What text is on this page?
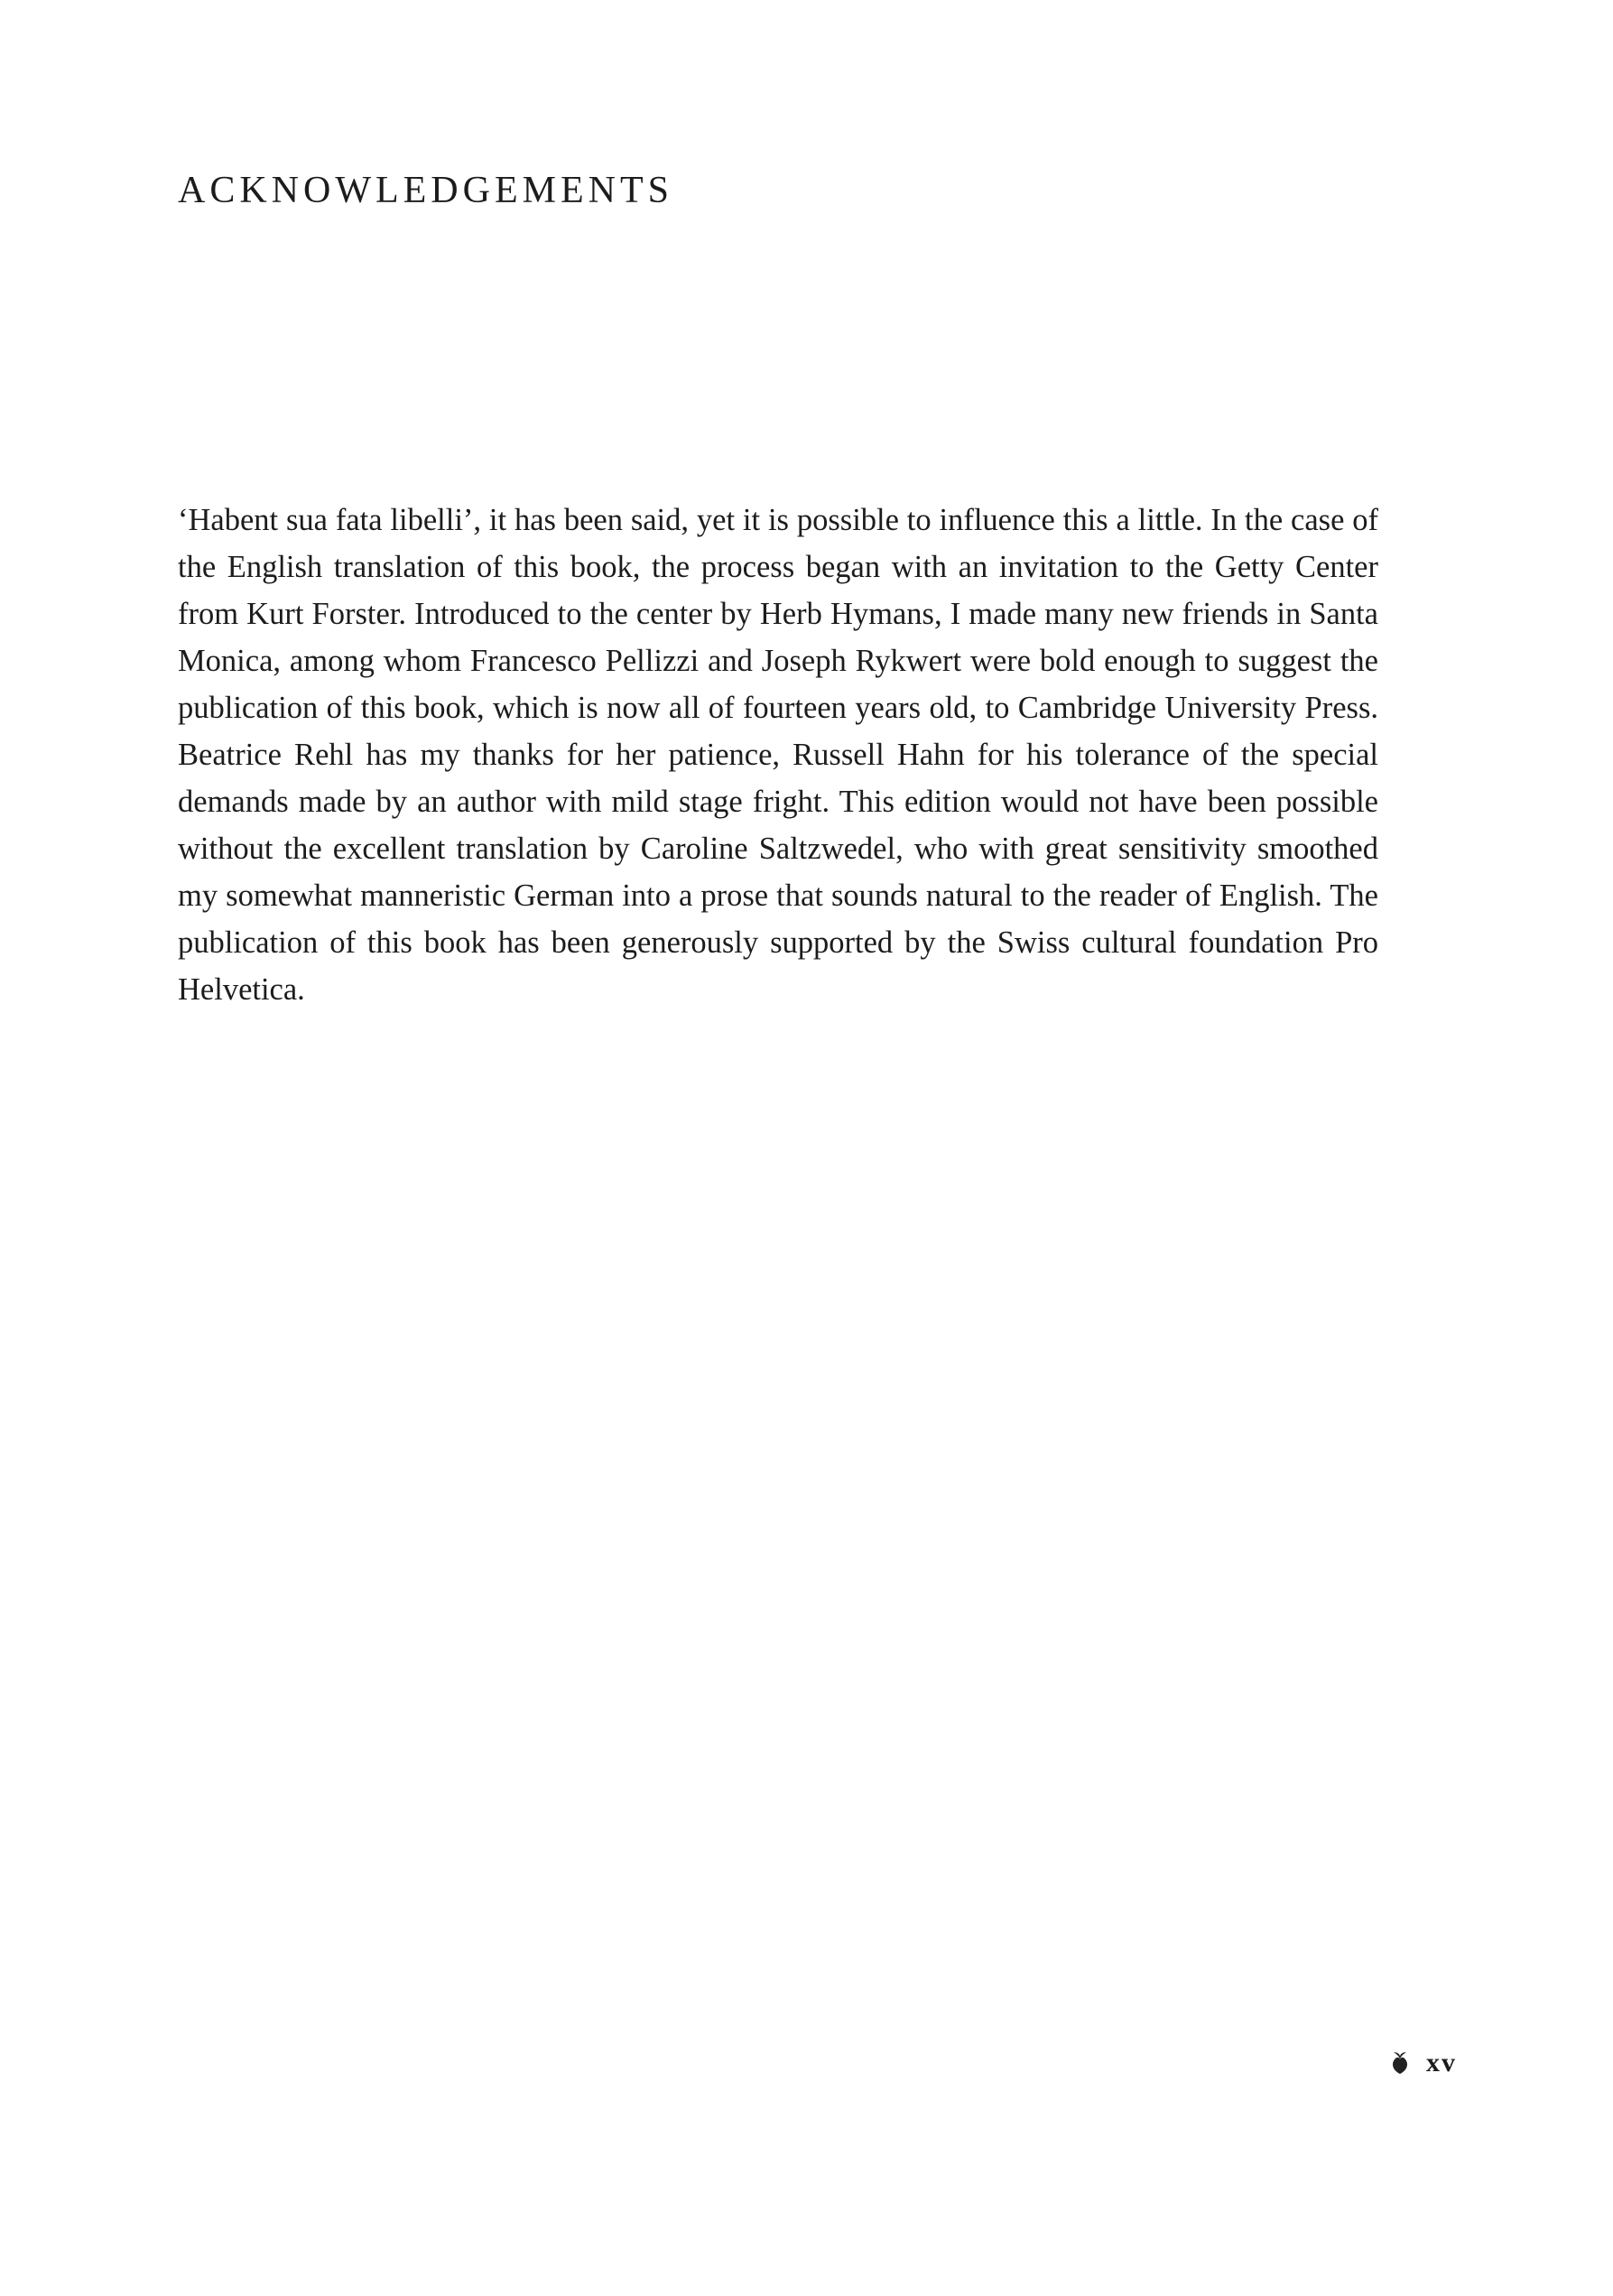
ACKNOWLEDGEMENTS

‘Habent sua fata libelli’, it has been said, yet it is possible to influence this a little. In the case of the English translation of this book, the process began with an invitation to the Getty Center from Kurt Forster. Introduced to the center by Herb Hymans, I made many new friends in Santa Monica, among whom Francesco Pellizzi and Joseph Rykwert were bold enough to suggest the publication of this book, which is now all of fourteen years old, to Cambridge University Press. Beatrice Rehl has my thanks for her patience, Russell Hahn for his tolerance of the special demands made by an author with mild stage fright. This edition would not have been possible without the excellent translation by Caroline Saltzwedel, who with great sensitivity smoothed my somewhat manneristic German into a prose that sounds natural to the reader of English. The publication of this book has been generously supported by the Swiss cultural foundation Pro Helvetica.

xv
